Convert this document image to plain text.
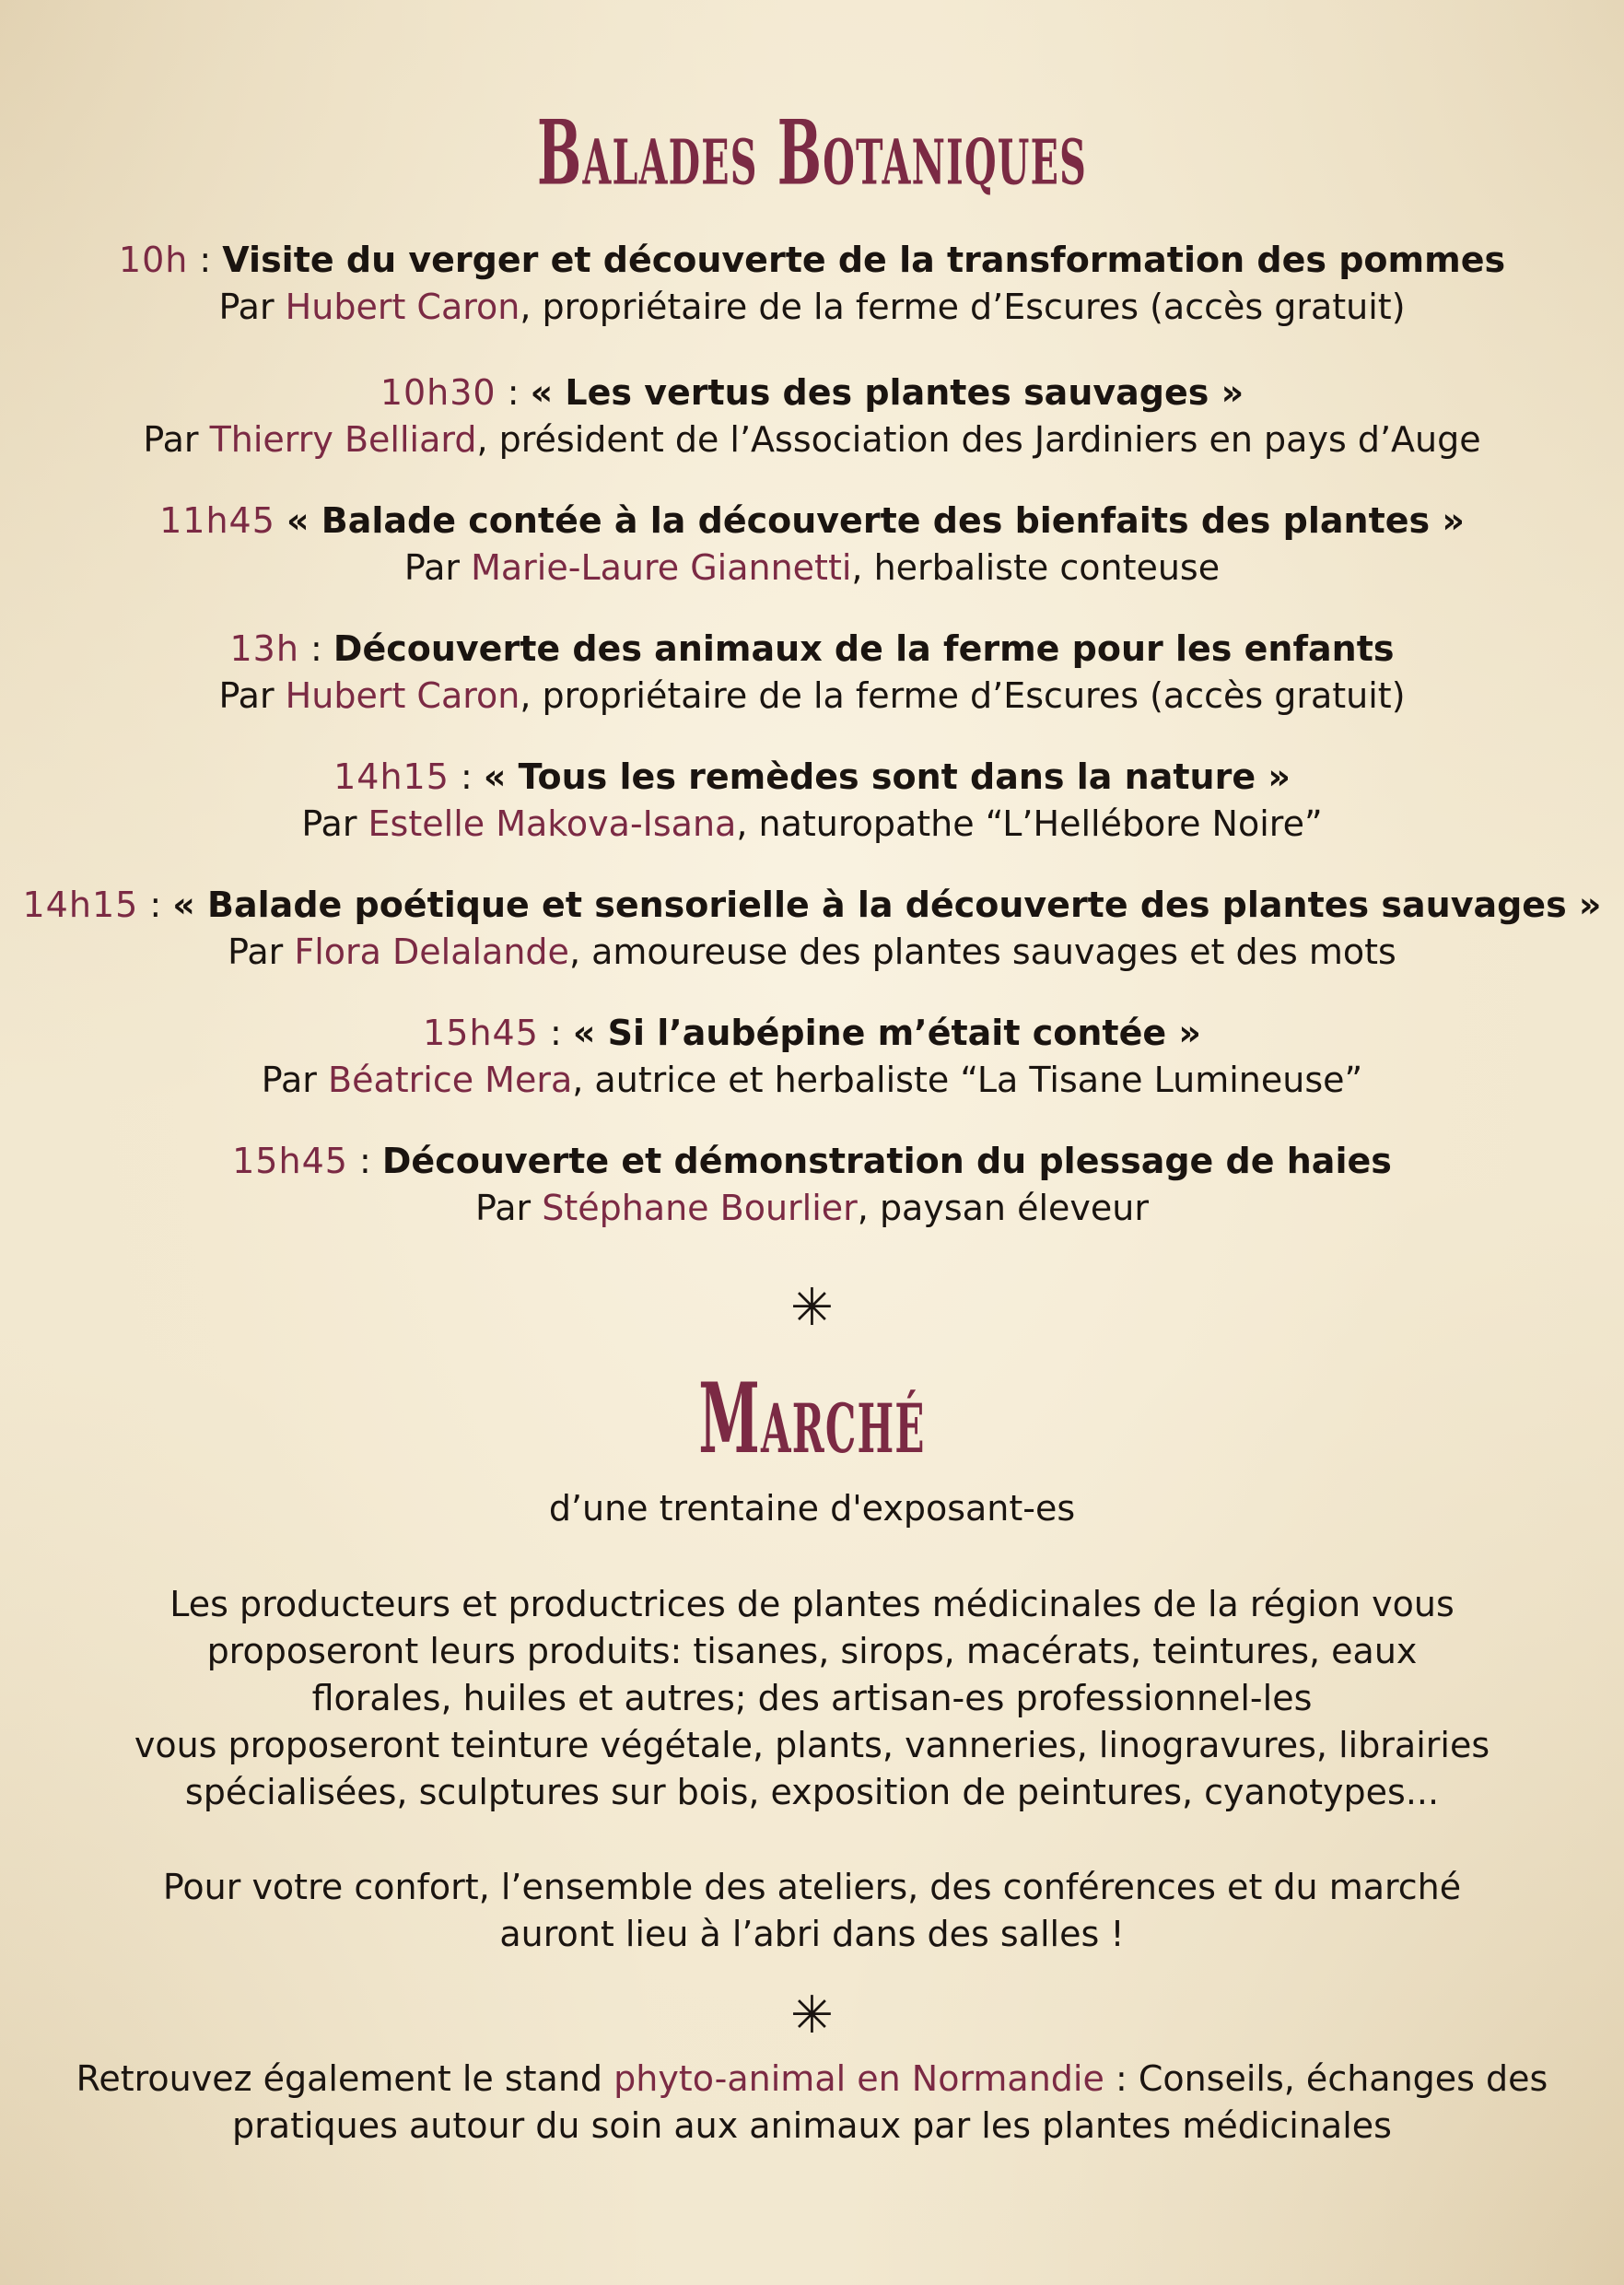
Balades Botaniques
10h : Visite du verger et découverte de la transformation des pommes
Par Hubert Caron, propriétaire de la ferme d’Escures (accès gratuit)
10h30 : « Les vertus des plantes sauvages »
Par Thierry Belliard, président de l’Association des Jardiniers en pays d’Auge
11h45 « Balade contée à la découverte des bienfaits des plantes »
Par Marie-Laure Giannetti, herbaliste conteuse
13h : Découverte des animaux de la ferme pour les enfants
Par Hubert Caron, propriétaire de la ferme d’Escures (accès gratuit)
14h15 : « Tous les remèdes sont dans la nature »
Par Estelle Makova-Isana, naturopathe “L’Hellébore Noire”
14h15 : « Balade poétique et sensorielle à la découverte des plantes sauvages »
Par Flora Delalande, amoureuse des plantes sauvages et des mots
15h45 : « Si l’aubépine m’était contée »
Par Béatrice Mera, autrice et herbaliste “La Tisane Lumineuse”
15h45 : Découverte et démonstration du plessage de haies
Par Stéphane Bourlier, paysan éleveur
✳
Marché
d’une trentaine d'exposant-es
Les producteurs et productrices de plantes médicinales de la région vous
proposeront leurs produits: tisanes, sirops, macérats, teintures, eaux
florales, huiles et autres; des artisan-es professionnel-les
vous proposeront teinture végétale, plants, vanneries, linogravures, librairies
spécialisées, sculptures sur bois, exposition de peintures, cyanotypes...
Pour votre confort, l’ensemble des ateliers, des conférences et du marché
auront lieu à l’abri dans des salles !
✳
Retrouvez également le stand phyto-animal en Normandie : Conseils, échanges des
pratiques autour du soin aux animaux par les plantes médicinales
